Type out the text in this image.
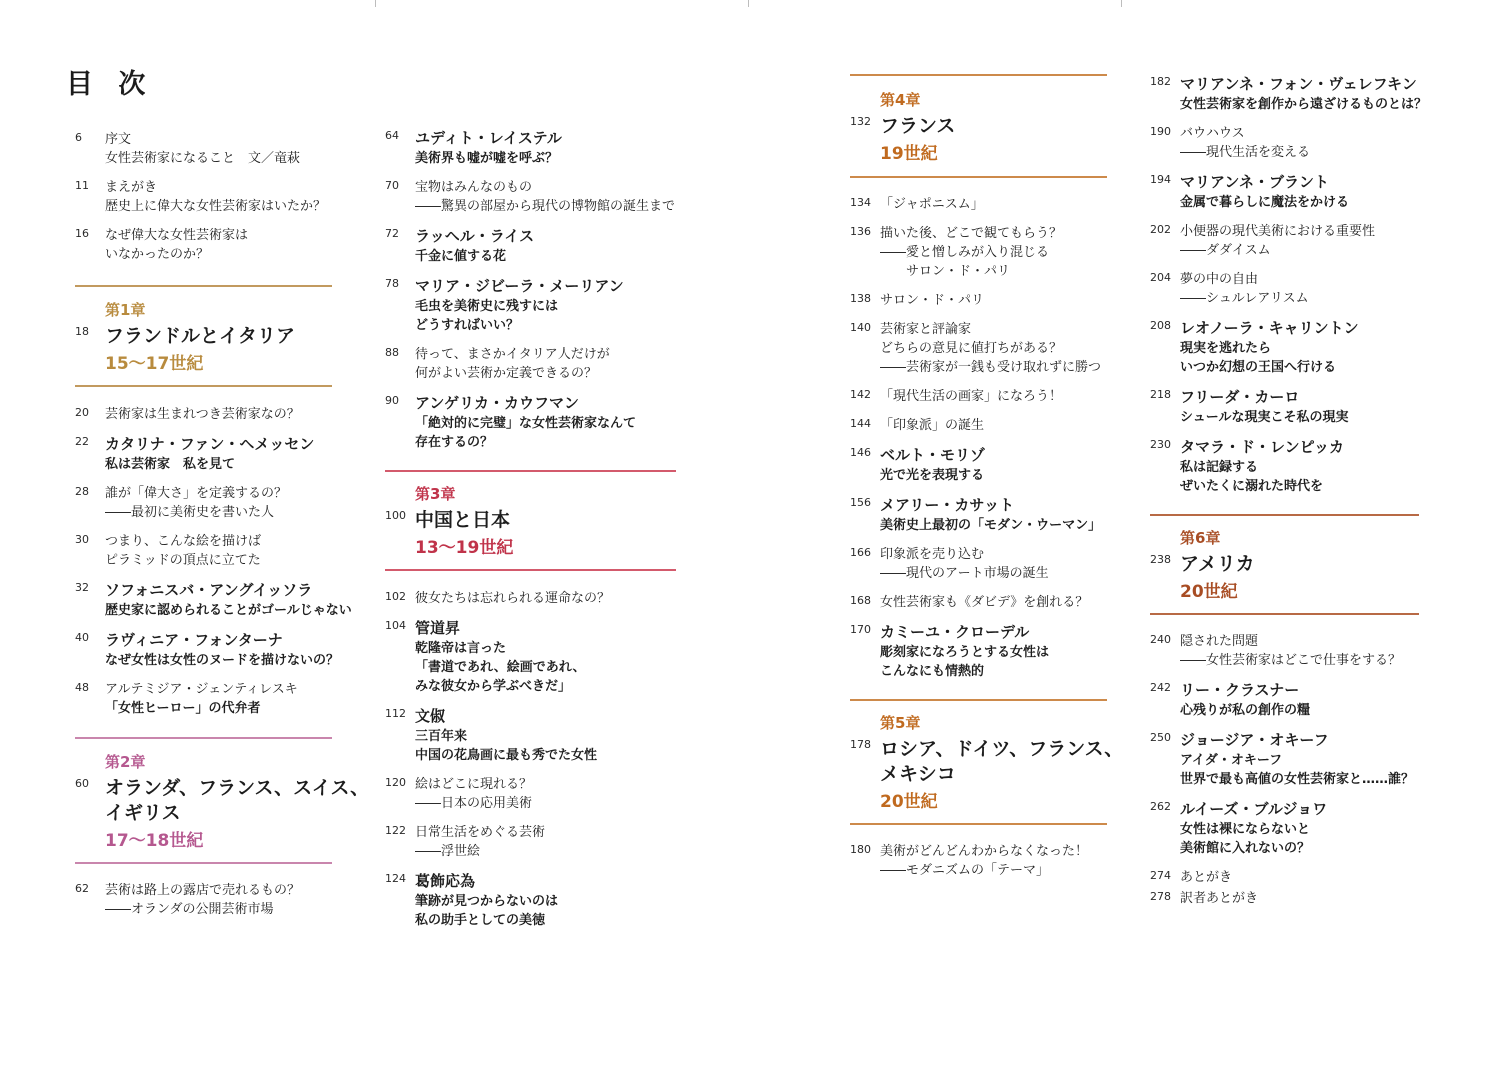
目 次
6	序文
女性芸術家になること　文／竜萩
11	まえがき
歴史上に偉大な女性芸術家はいたか？
16	なぜ偉大な女性芸術家は
いなかったのか？
第1章
18 フランドルとイタリア
15～17世紀
20	芸術家は生まれつき芸術家なの？
22	カタリナ・ファン・ヘメッセン
私は芸術家　私を見て
28	誰が「偉大さ」を定義するの？
――最初に美術史を書いた人
30	つまり、こんな絵を描けば
ピラミッドの頂点に立てた
32	ソフォニスバ・アングイッソラ
歴史家に認められることがゴールじゃない
40	ラヴィニア・フォンターナ
なぜ女性は女性のヌードを描けないの？
48	アルテミジア・ジェンティレスキ
「女性ヒーロー」の代弁者
第2章
60 オランダ、フランス、スイス、
イギリス
17～18世紀
62	芸術は路上の露店で売れるもの？
――オランダの公開芸術市場
64	ユディト・レイステル
美術界も嘘が嘘を呼ぶ？
70	宝物はみんなのもの
――驚異の部屋から現代の博物館の誕生まで
72	ラッヘル・ライス
千金に値する花
78	マリア・ジビーラ・メーリアン
毛虫を美術史に残すには
どうすればいい？
88	待って、まさかイタリア人だけが
何がよい芸術か定義できるの？
90	アンゲリカ・カウフマン
「絶対的に完璧」な女性芸術家なんて
存在するの？
第3章
100 中国と日本
13～19世紀
102 彼女たちは忘れられる運命なの？
104 管道昇
乾隆帝は言った
「書道であれ、絵画であれ、
みな彼女から学ぶべきだ」
112 文俶
三百年来
中国の花鳥画に最も秀でた女性
120 絵はどこに現れる？
――日本の応用美術
122 日常生活をめぐる芸術
――浮世絵
124 葛飾応為
筆跡が見つからないのは
私の助手としての美徳
第4章
132 フランス
19世紀
134 「ジャポニスム」
136 描いた後、どこで観てもらう？
――愛と憎しみが入り混じる
　　サロン・ド・パリ
138 サロン・ド・パリ
140 芸術家と評論家
どちらの意見に値打ちがある？
――芸術家が一銭も受け取れずに勝つ
142 「現代生活の画家」になろう！
144 「印象派」の誕生
146 ベルト・モリゾ
光で光を表現する
156 メアリー・カサット
美術史上最初の「モダン・ウーマン」
166 印象派を売り込む
――現代のアート市場の誕生
168 女性芸術家も《ダビデ》を創れる？
170 カミーユ・クローデル
彫刻家になろうとする女性は
こんなにも情熱的
第5章
178 ロシア、ドイツ、フランス、
メキシコ
20世紀
180 美術がどんどんわからなくなった！
――モダニズムの「テーマ」
182 マリアンネ・フォン・ヴェレフキン
女性芸術家を創作から遠ざけるものとは？
190 バウハウス
――現代生活を変える
194 マリアンネ・ブラント
金属で暮らしに魔法をかける
202 小便器の現代美術における重要性
――ダダイスム
204 夢の中の自由
――シュルレアリスム
208 レオノーラ・キャリントン
現実を逃れたら
いつか幻想の王国へ行ける
218 フリーダ・カーロ
シュールな現実こそ私の現実
230 タマラ・ド・レンピッカ
私は記録する
ぜいたくに溺れた時代を
第6章
238 アメリカ
20世紀
240 隠された問題
――女性芸術家はどこで仕事をする？
242 リー・クラスナー
心残りが私の創作の糧
250 ジョージア・オキーフ
アイダ・オキーフ
世界で最も高値の女性芸術家と……誰？
262 ルイーズ・ブルジョワ
女性は裸にならないと
美術館に入れないの？
274 あとがき
278 訳者あとがき
